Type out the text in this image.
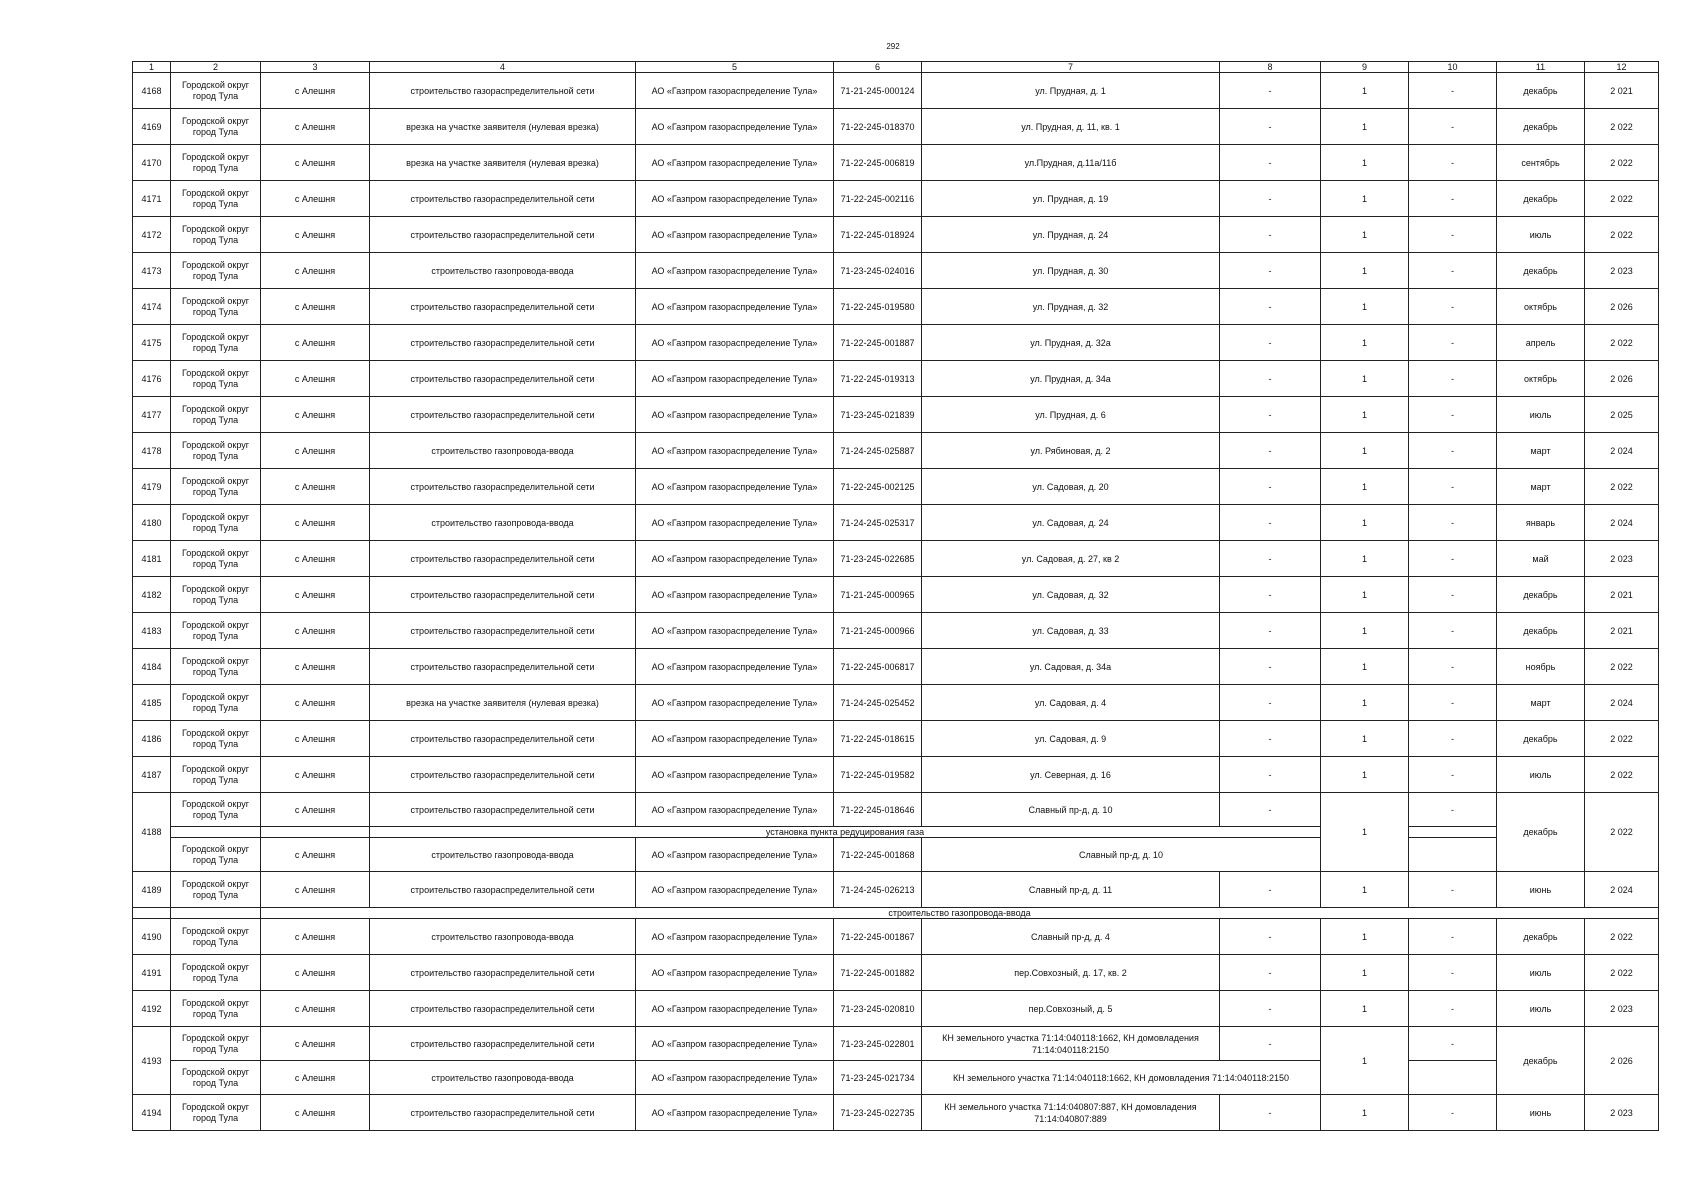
292
1	2	3	4	5	6	7	8	9	10	11	12
4168	Городской округ город Тула	с Алешня	строительство газораспределительной сети	АО «Газпром газораспределение Тула»	71-21-245-000124	ул. Прудная, д. 1	-	1	-	декабрь	2 021
4169	Городской округ город Тула	с Алешня	врезка на участке заявителя (нулевая врезка)	АО «Газпром газораспределение Тула»	71-22-245-018370	ул. Прудная, д. 11, кв. 1	-	1	-	декабрь	2 022
4170	Городской округ город Тула	с Алешня	врезка на участке заявителя (нулевая врезка)	АО «Газпром газораспределение Тула»	71-22-245-006819	ул.Прудная, д.11а/11б	-	1	-	сентябрь	2 022
4171	Городской округ город Тула	с Алешня	строительство газораспределительной сети	АО «Газпром газораспределение Тула»	71-22-245-002116	ул. Прудная, д. 19	-	1	-	декабрь	2 022
4172	Городской округ город Тула	с Алешня	строительство газораспределительной сети	АО «Газпром газораспределение Тула»	71-22-245-018924	ул. Прудная, д. 24	-	1	-	июль	2 022
4173	Городской округ город Тула	с Алешня	строительство газопровода-ввода	АО «Газпром газораспределение Тула»	71-23-245-024016	ул. Прудная, д. 30	-	1	-	декабрь	2 023
4174	Городской округ город Тула	с Алешня	строительство газораспределительной сети	АО «Газпром газораспределение Тула»	71-22-245-019580	ул. Прудная, д. 32	-	1	-	октябрь	2 026
4175	Городской округ город Тула	с Алешня	строительство газораспределительной сети	АО «Газпром газораспределение Тула»	71-22-245-001887	ул. Прудная, д. 32а	-	1	-	апрель	2 022
4176	Городской округ город Тула	с Алешня	строительство газораспределительной сети	АО «Газпром газораспределение Тула»	71-22-245-019313	ул. Прудная, д. 34а	-	1	-	октябрь	2 026
4177	Городской округ город Тула	с Алешня	строительство газораспределительной сети	АО «Газпром газораспределение Тула»	71-23-245-021839	ул. Прудная, д. 6	-	1	-	июль	2 025
4178	Городской округ город Тула	с Алешня	строительство газопровода-ввода	АО «Газпром газораспределение Тула»	71-24-245-025887	ул. Рябиновая, д. 2	-	1	-	март	2 024
4179	Городской округ город Тула	с Алешня	строительство газораспределительной сети	АО «Газпром газораспределение Тула»	71-22-245-002125	ул. Садовая, д. 20	-	1	-	март	2 022
4180	Городской округ город Тула	с Алешня	строительство газопровода-ввода	АО «Газпром газораспределение Тула»	71-24-245-025317	ул. Садовая, д. 24	-	1	-	январь	2 024
4181	Городской округ город Тула	с Алешня	строительство газораспределительной сети	АО «Газпром газораспределение Тула»	71-23-245-022685	ул. Садовая, д. 27, кв 2	-	1	-	май	2 023
4182	Городской округ город Тула	с Алешня	строительство газораспределительной сети	АО «Газпром газораспределение Тула»	71-21-245-000965	ул. Садовая, д. 32	-	1	-	декабрь	2 021
4183	Городской округ город Тула	с Алешня	строительство газораспределительной сети	АО «Газпром газораспределение Тула»	71-21-245-000966	ул. Садовая, д. 33	-	1	-	декабрь	2 021
4184	Городской округ город Тула	с Алешня	строительство газораспределительной сети	АО «Газпром газораспределение Тула»	71-22-245-006817	ул. Садовая, д. 34а	-	1	-	ноябрь	2 022
4185	Городской округ город Тула	с Алешня	врезка на участке заявителя (нулевая врезка)	АО «Газпром газораспределение Тула»	71-24-245-025452	ул. Садовая, д. 4	-	1	-	март	2 024
4186	Городской округ город Тула	с Алешня	строительство газораспределительной сети	АО «Газпром газораспределение Тула»	71-22-245-018615	ул. Садовая, д. 9	-	1	-	декабрь	2 022
4187	Городской округ город Тула	с Алешня	строительство газораспределительной сети	АО «Газпром газораспределение Тула»	71-22-245-019582	ул. Северная, д. 16	-	1	-	июль	2 022
4188	Городской округ город Тула	с Алешня	строительство газораспределительной сети	АО «Газпром газораспределение Тула»	71-22-245-018646	Славный пр-д, д. 10	-	1	-	декабрь	2 022
			установка пункта редуцирования газа								
	Городской округ город Тула	с Алешня	строительство газопровода-ввода	АО «Газпром газораспределение Тула»	71-22-245-001868	Славный пр-д, д. 10					
4189	Городской округ город Тула	с Алешня	строительство газораспределительной сети	АО «Газпром газораспределение Тула»	71-24-245-026213	Славный пр-д, д. 11	-	1	-	июнь	2 024
		строительство газопровода-ввода									
4190	Городской округ город Тула	с Алешня	строительство газопровода-ввода	АО «Газпром газораспределение Тула»	71-22-245-001867	Славный пр-д, д. 4	-	1	-	декабрь	2 022
4191	Городской округ город Тула	с Алешня	строительство газораспределительной сети	АО «Газпром газораспределение Тула»	71-22-245-001882	пер.Совхозный, д. 17, кв. 2	-	1	-	июль	2 022
4192	Городской округ город Тула	с Алешня	строительство газораспределительной сети	АО «Газпром газораспределение Тула»	71-23-245-020810	пер.Совхозный, д. 5	-	1	-	июль	2 023
4193	Городской округ город Тула	с Алешня	строительство газораспределительной сети	АО «Газпром газораспределение Тула»	71-23-245-022801	КН земельного участка 71:14:040118:1662, КН домовладения 71:14:040118:2150	-	1	-	декабрь	2 026
	Городской округ город Тула	с Алешня	строительство газопровода-ввода	АО «Газпром газораспределение Тула»	71-23-245-021734	КН земельного участка 71:14:040118:1662, КН домовладения 71:14:040118:2150					
4194	Городской округ город Тула	с Алешня	строительство газораспределительной сети	АО «Газпром газораспределение Тула»	71-23-245-022735	КН земельного участка 71:14:040807:887, КН домовладения 71:14:040807:889	-	1	-	июнь	2 023
